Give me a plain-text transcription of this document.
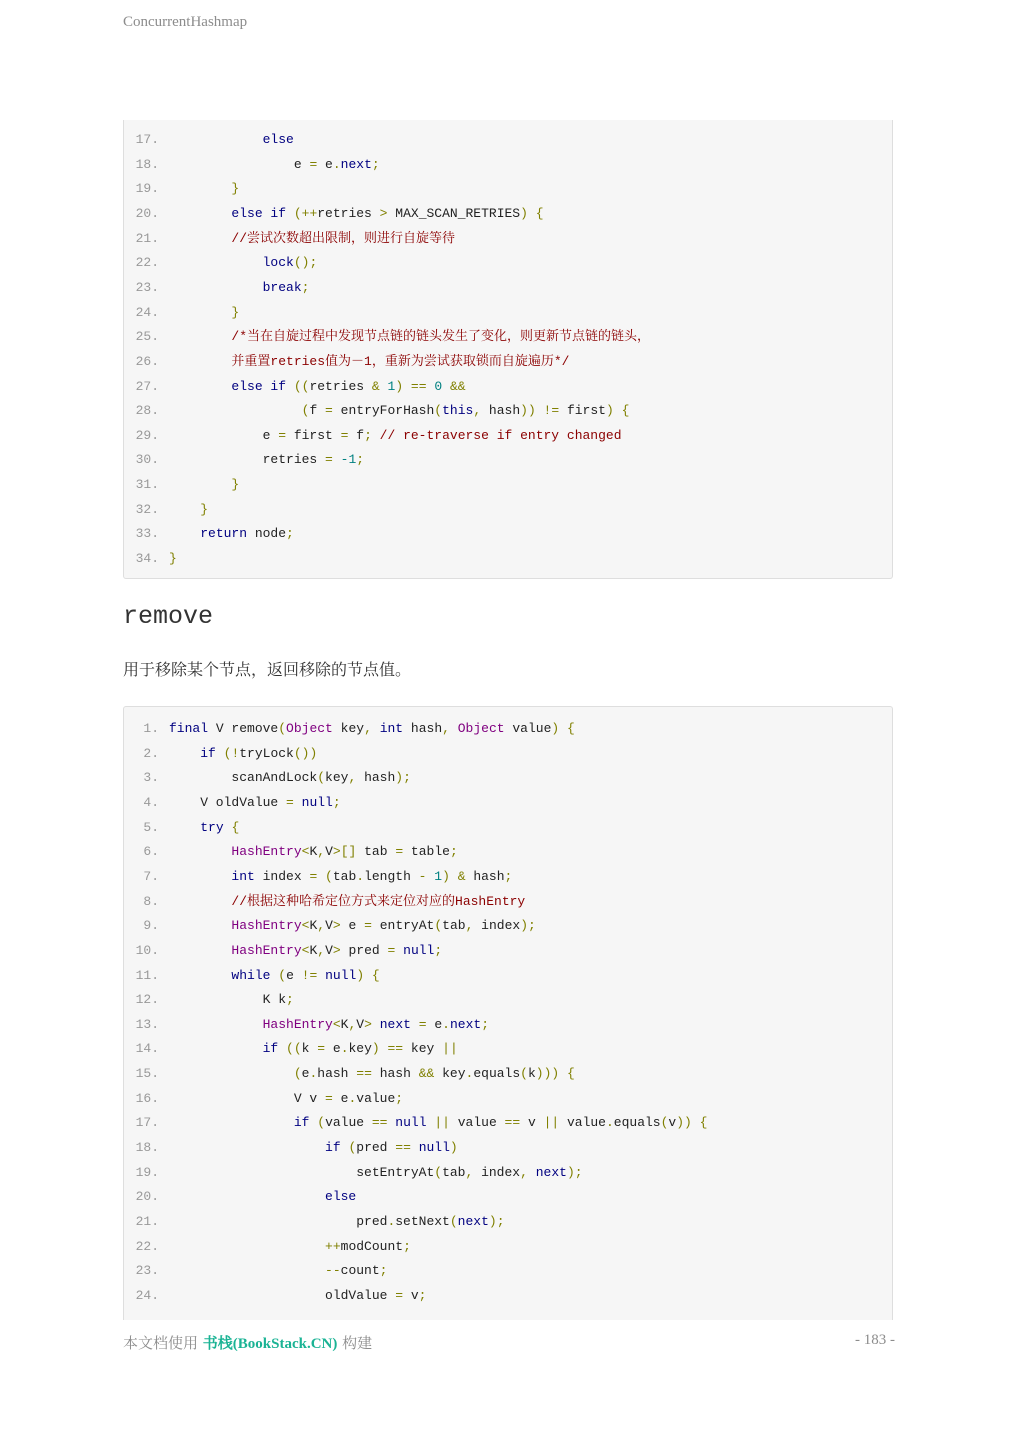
ConcurrentHashmap
17.	else
18. e = e.next;
19.	}
20.	else if (++retries > MAX_SCAN_RETRIES) {
21.	//尝试次数超出限制，则进行自旋等待
22.	lock();
23.	break;
24.	}
25.	/*当在自旋过程中发现节点链的链头发生了变化，则更新节点链的链头，
26.	并重置retries值为－1，重新为尝试获取锁而自旋遍历*/
27.	else if ((retries & 1) == 0 &&
28.	(f = entryForHash(this, hash)) != first) {
29. e = first = f; // re-traverse if entry changed
30. retries = -1;
31.	}
32.	}
33.	return node;
34. }
remove

用于移除某个节点，返回移除的节点值。

1. final V remove(Object key, int hash, Object value) {
2.	if (!tryLock())
3. scanAndLock(key, hash);
4. V oldValue = null;
5.	try {
6.	HashEntry<K,V>[] tab = table;
7.	int index = (tab.length - 1) & hash;
8.	//根据这种哈希定位方式来定位对应的HashEntry
9.	HashEntry<K,V> e = entryAt(tab, index);
10.	HashEntry<K,V> pred = null;
11.	while (e != null) {
12. K k;
13.	HashEntry<K,V> next = e.next;
14.	if ((k = e.key) == key ||
15.	(e.hash == hash && key.equals(k))) {
16. V v = e.value;
17.	if (value == null || value == v || value.equals(v)) {
18.	if (pred == null)
19. setEntryAt(tab, index, next);
20.	else
21. pred.setNext(next);
22.	++modCount;
23.	--count;
24. oldValue = v;
本文档使用 书栈(BookStack.CN) 构建	- 183 -
